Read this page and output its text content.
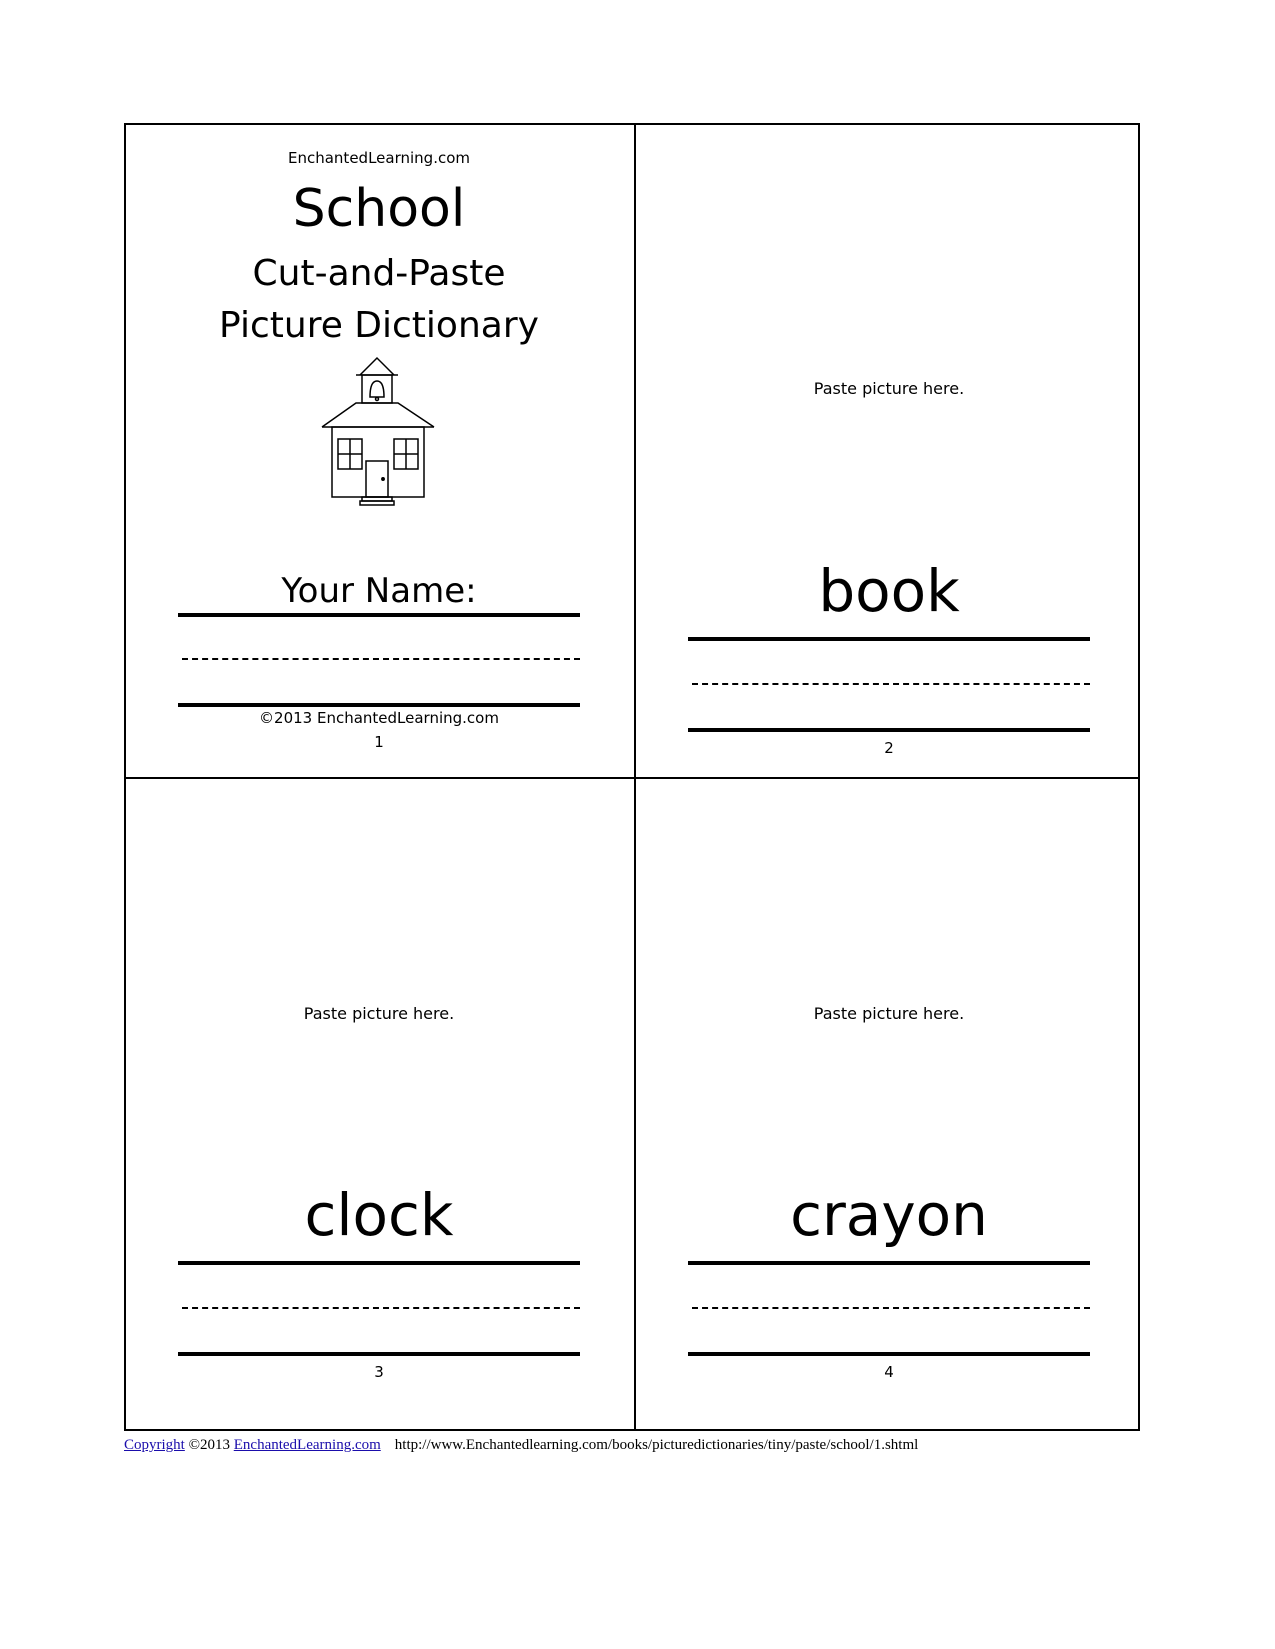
EnchantedLearning.com
School
Cut-and-Paste
Picture Dictionary
Your Name:
©2013 EnchantedLearning.com
1
Paste picture here.
book
2
Paste picture here.
clock
3
Paste picture here.
crayon
4
Copyright ©2013 EnchantedLearning.com http://www.Enchantedlearning.com/books/picturedictionaries/tiny/paste/school/1.shtml
